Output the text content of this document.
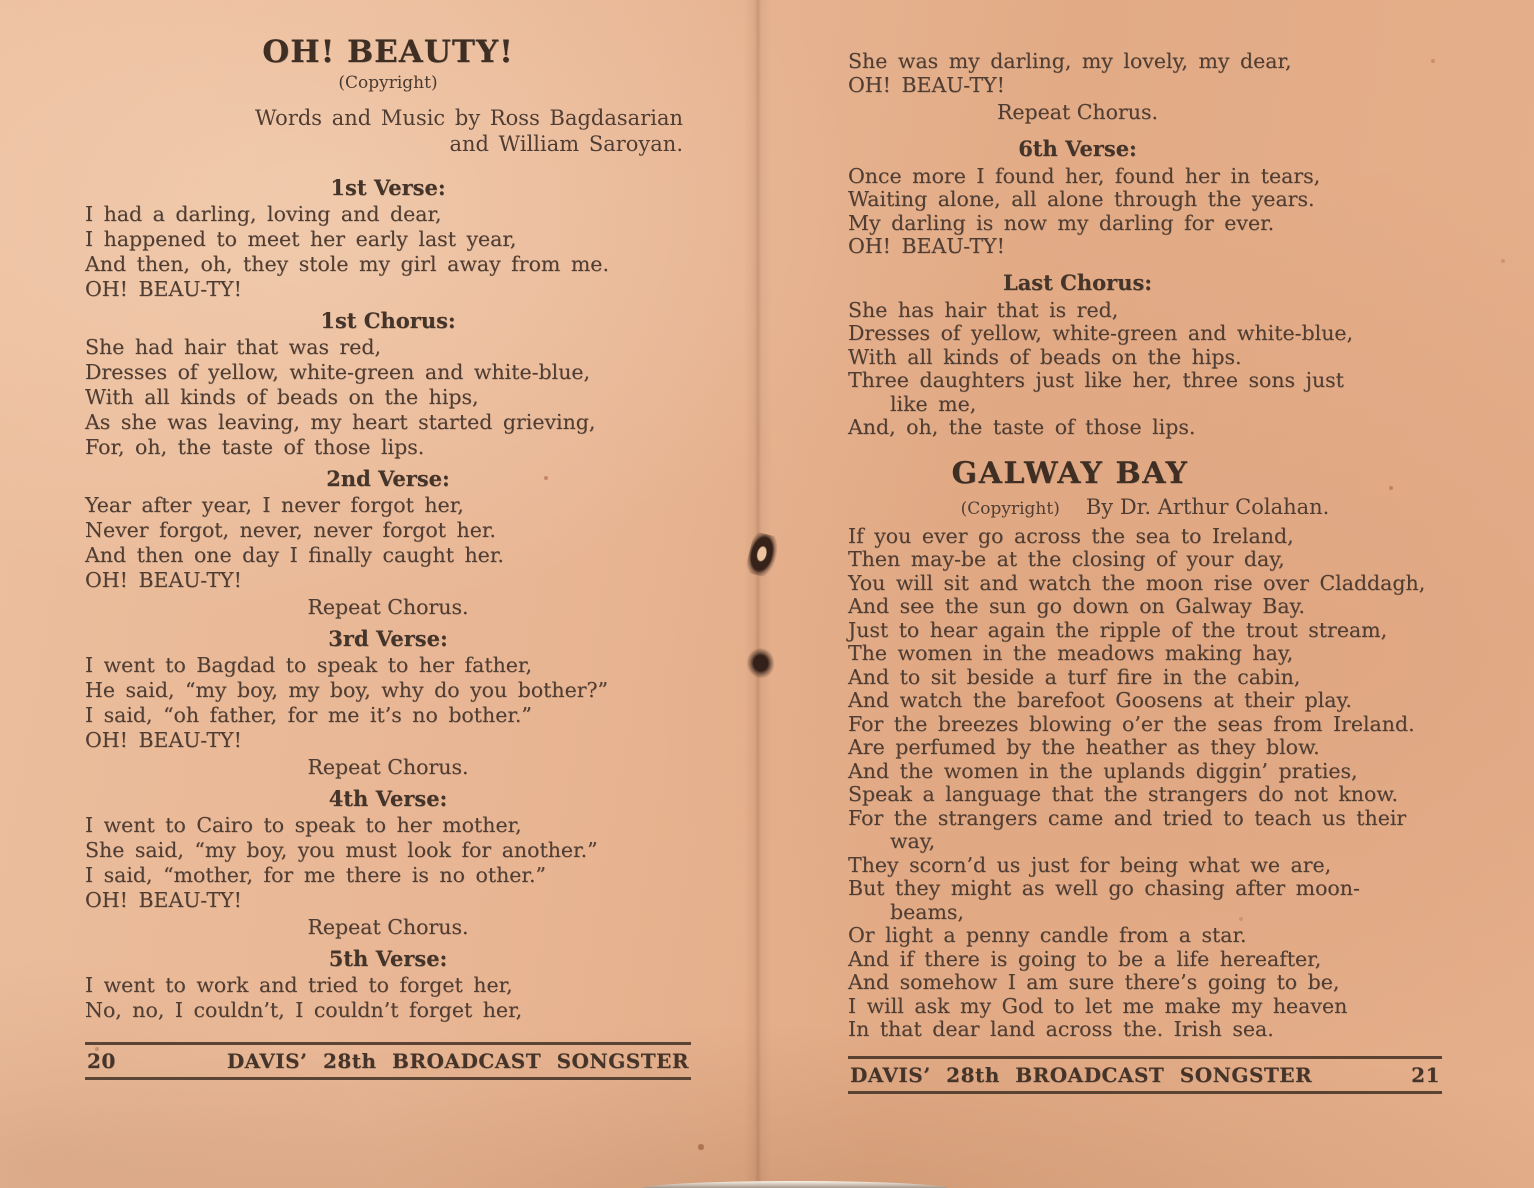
OH! BEAUTY!
(Copyright)
Words and Music by Ross Bagdasarian
and William Saroyan.
1st Verse:
I had a darling, loving and dear,
I happened to meet her early last year,
And then, oh, they stole my girl away from me.
OH! BEAU-TY!
1st Chorus:
She had hair that was red,
Dresses of yellow, white-green and white-blue,
With all kinds of beads on the hips,
As she was leaving, my heart started grieving,
For, oh, the taste of those lips.
2nd Verse:
Year after year, I never forgot her,
Never forgot, never, never forgot her.
And then one day I finally caught her.
OH! BEAU-TY!
Repeat Chorus.
3rd Verse:
I went to Bagdad to speak to her father,
He said, “my boy, my boy, why do you bother?”
I said, “oh father, for me it’s no bother.”
OH! BEAU-TY!
Repeat Chorus.
4th Verse:
I went to Cairo to speak to her mother,
She said, “my boy, you must look for another.”
I said, “mother, for me there is no other.”
OH! BEAU-TY!
Repeat Chorus.
5th Verse:
I went to work and tried to forget her,
No, no, I couldn’t, I couldn’t forget her,
20	DAVIS’ 28th BROADCAST SONGSTER
She was my darling, my lovely, my dear,
OH! BEAU-TY!
Repeat Chorus.
6th Verse:
Once more I found her, found her in tears,
Waiting alone, all alone through the years.
My darling is now my darling for ever.
OH! BEAU-TY!
Last Chorus:
She has hair that is red,
Dresses of yellow, white-green and white-blue,
With all kinds of beads on the hips.
Three daughters just like her, three sons just
like me,
And, oh, the taste of those lips.
GALWAY BAY
(Copyright) By Dr. Arthur Colahan.
If you ever go across the sea to Ireland,
Then may-be at the closing of your day,
You will sit and watch the moon rise over Claddagh,
And see the sun go down on Galway Bay.
Just to hear again the ripple of the trout stream,
The women in the meadows making hay,
And to sit beside a turf fire in the cabin,
And watch the barefoot Goosens at their play.
For the breezes blowing o’er the seas from Ireland.
Are perfumed by the heather as they blow.
And the women in the uplands diggin’ praties,
Speak a language that the strangers do not know.
For the strangers came and tried to teach us their
way,
They scorn’d us just for being what we are,
But they might as well go chasing after moon-
beams,
Or light a penny candle from a star.
And if there is going to be a life hereafter,
And somehow I am sure there’s going to be,
I will ask my God to let me make my heaven
In that dear land across the. Irish sea.
DAVIS’ 28th BROADCAST SONGSTER	21
